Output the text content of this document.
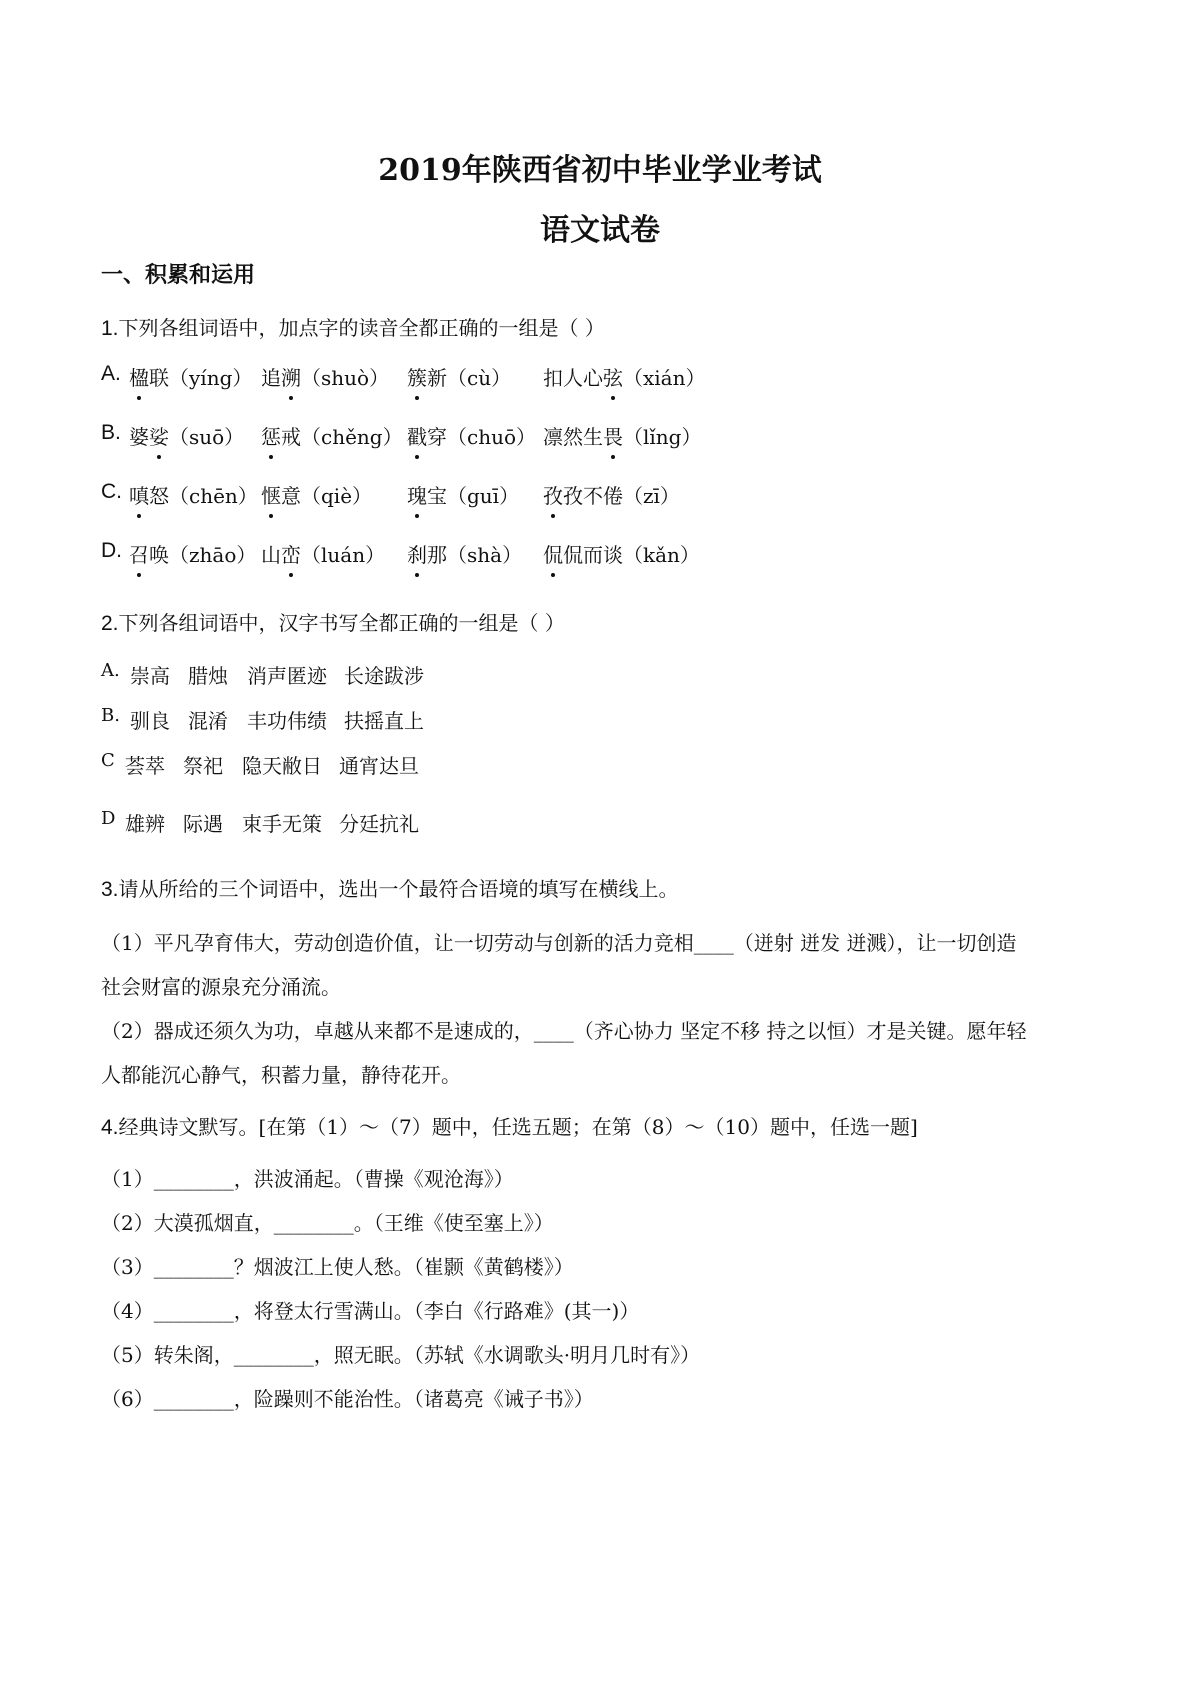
2019年陕西省初中毕业学业考试
语文试卷
一、积累和运用
1.下列各组词语中，加点字的读音全都正确的一组是（ ）
A. 楹联（yíng） 追溯（shuò） 簇新（cù） 扣人心弦（xián）
B. 婆娑（suō） 惩戒（chěng） 戳穿（chuō） 凛然生畏（lǐng）
C. 嗔怒（chēn） 惬意（qiè） 瑰宝（guī） 孜孜不倦（zī）
D. 召唤（zhāo） 山峦（luán） 刹那（shà） 侃侃而谈（kǎn）
2.下列各组词语中，汉字书写全都正确的一组是（ ）
A. 崇高 腊烛 消声匿迹 长途跋涉
B. 驯良 混淆 丰功伟绩 扶摇直上
C 荟萃 祭祀 隐天敝日 通宵达旦
D 雄辨 际遇 束手无策 分廷抗礼
3.请从所给的三个词语中，选出一个最符合语境的填写在横线上。
（1）平凡孕育伟大，劳动创造价值，让一切劳动与创新的活力竞相____（迸射 迸发 迸溅），让一切创造
社会财富的源泉充分涌流。
（2）器成还须久为功，卓越从来都不是速成的，____（齐心协力 坚定不移 持之以恒）才是关键。愿年轻
人都能沉心静气，积蓄力量，静待花开。
4.经典诗文默写。[在第（1）～（7）题中，任选五题；在第（8）～（10）题中，任选一题]
（1）________，洪波涌起。（曹操《观沧海》）
（2）大漠孤烟直，________。（王维《使至塞上》）
（3）________？烟波江上使人愁。（崔颢《黄鹤楼》）
（4）________，将登太行雪满山。（李白《行路难》(其一)）
（5）转朱阁，________，照无眠。（苏轼《水调歌头·明月几时有》）
（6）________，险躁则不能治性。（诸葛亮《诫子书》）
